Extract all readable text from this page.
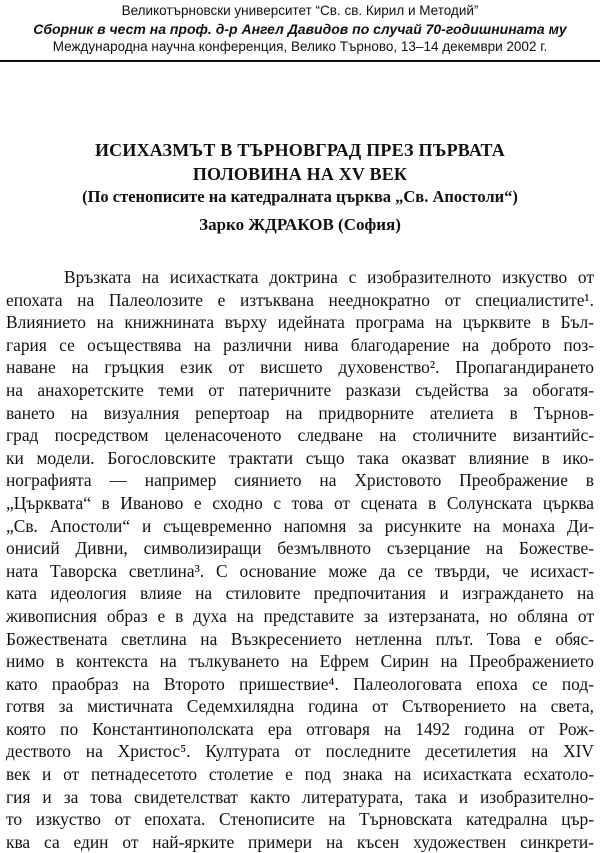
Великотърновски университет “Св. св. Кирил и Методий”
Сборник в чест на проф. д-р Ангел Давидов по случай 70-годишнината му
Международна научна конференция, Велико Търново, 13–14 декември 2002 г.
ИСИХАЗМЪТ В ТЪРНОВГРАД ПРЕЗ ПЪРВАТА
ПОЛОВИНА НА XV ВЕК
(По стенописите на катедралната църква „Св. Апостоли“)
Зарко ЖДРАКОВ (София)
Връзката на исихастката доктрина с изобразителното изкуство от
епохата на Палеолозите е изтъквана нееднократно от специалистите¹.
Влиянието на книжнината върху идейната програма на църквите в Бъл-
гария се осъществява на различни нива благодарение на доброто поз-
наване на гръцкия език от висшето духовенство². Пропагандирането
на анахоретските теми от патеричните разкази съдейства за обогатя-
ването на визуалния репертоар на придворните ателиета в Търнов-
град посредством целенасоченото следване на столичните византийс-
ки модели. Богословските трактати също така оказват влияние в ико-
нографията — например сиянието на Христовото Преображение в
„Църквата“ в Иваново е сходно с това от сцената в Солунската църква
„Св. Апостоли“ и същевременно напомня за рисунките на монаха Ди-
онисий Дивни, символизиращи безмълвното съзерцание на Божестве-
ната Таворска светлина³. С основание може да се твърди, че исихаст-
ката идеология влияе на стиловите предпочитания и изграждането на
живописния образ е в духа на представите за изтерзаната, но обляна от
Божествената светлина на Възкресението нетленна плът. Това е обяс-
нимо в контекста на тълкуването на Ефрем Сирин на Преображението
като праобраз на Второто пришествие⁴. Палеологовата епоха се под-
готвя за мистичната Седемхилядна година от Сътворението на света,
която по Константинополската ера отговаря на 1492 година от Рож-
деството на Христос⁵. Културата от последните десетилетия на XIV
век и от петнадесетото столетие е под знака на исихастката есхатоло-
гия и за това свидетелстват както литературата, така и изобразително-
то изкуство от епохата. Стенописите на Търновската катедрална цър-
ква са един от най-ярките примери на късен художествен синкрети-
